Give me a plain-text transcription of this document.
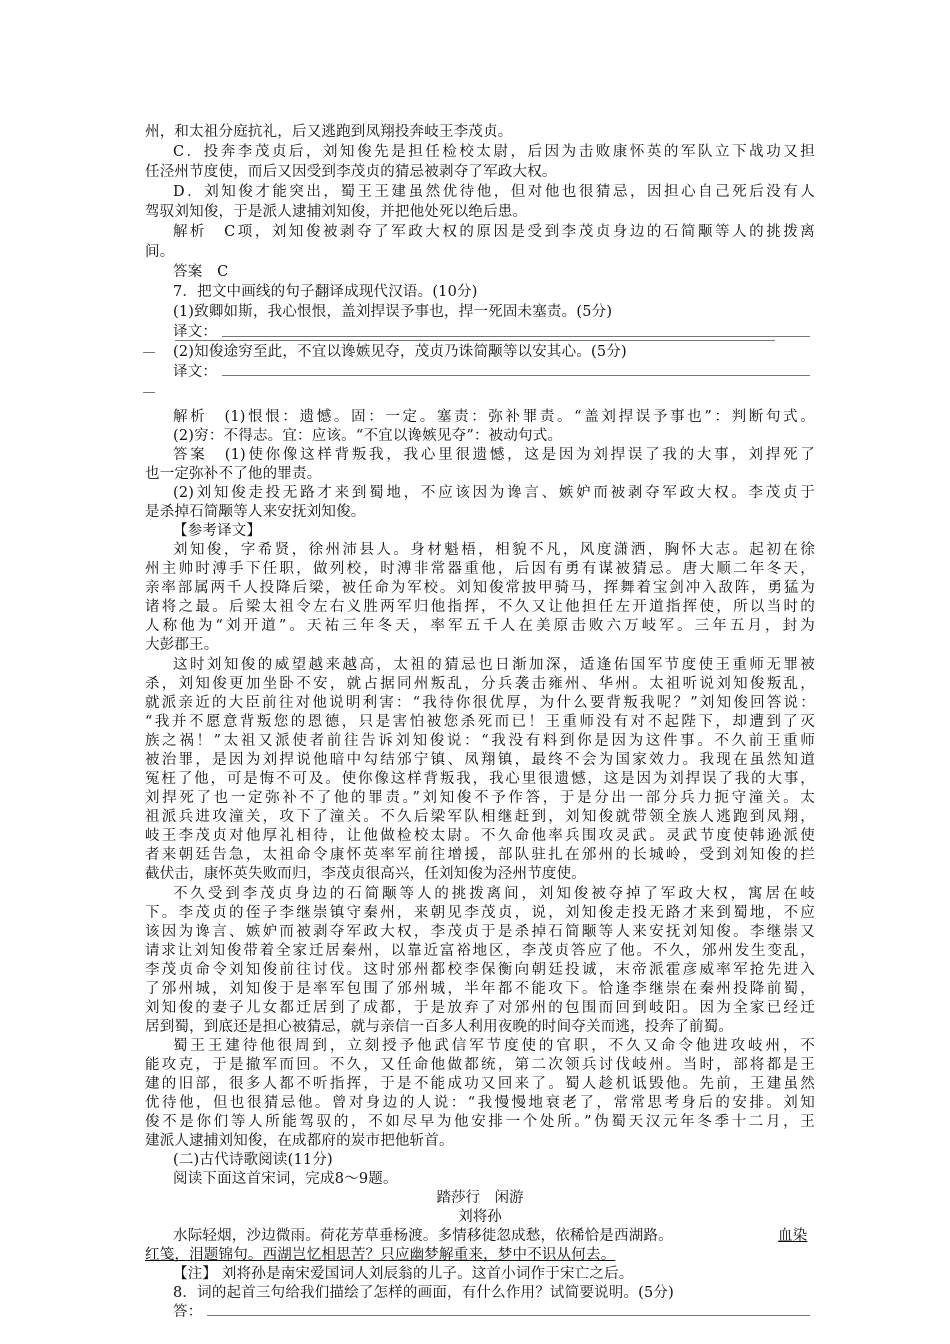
州，和太祖分庭抗礼，后又逃跑到凤翔投奔岐王李茂贞。
C．投奔李茂贞后，刘知俊先是担任检校太尉，后因为击败康怀英的军队立下战功又担
任泾州节度使，而后又因受到李茂贞的猜忌被剥夺了军政大权。
D．刘知俊才能突出，蜀王王建虽然优待他，但对他也很猜忌，因担心自己死后没有人
驾驭刘知俊，于是派人逮捕刘知俊，并把他处死以绝后患。
解析　C项，刘知俊被剥夺了军政大权的原因是受到李茂贞身边的石简颙等人的挑拨离
间。
答案　C
7．把文中画线的句子翻译成现代汉语。(10分)
(1)致卿如斯，我心恨恨，盖刘捍误予事也，捍一死固未塞责。(5分)
译文：
(2)知俊途穷至此，不宜以谗嫉见夺，茂贞乃诛简颙等以安其心。(5分)
译文：
解析　(1)恨恨：遗憾。固：一定。塞责：弥补罪责。“盖刘捍误予事也”：判断句式。
(2)穷：不得志。宜：应该。“不宜以谗嫉见夺”：被动句式。
答案　(1)使你像这样背叛我，我心里很遗憾，这是因为刘捍误了我的大事，刘捍死了
也一定弥补不了他的罪责。
(2)刘知俊走投无路才来到蜀地，不应该因为谗言、嫉妒而被剥夺军政大权。李茂贞于
是杀掉石简颙等人来安抚刘知俊。
【参考译文】
刘知俊，字希贤，徐州沛县人。身材魁梧，相貌不凡，风度潇洒，胸怀大志。起初在徐
州主帅时溥手下任职，做列校，时溥非常器重他，后因有勇有谋被猜忌。唐大顺二年冬天，
亲率部属两千人投降后梁，被任命为军校。刘知俊常披甲骑马，挥舞着宝剑冲入敌阵，勇猛为
诸将之最。后梁太祖令左右义胜两军归他指挥，不久又让他担任左开道指挥使，所以当时的
人称他为“刘开道”。天祐三年冬天，率军五千人在美原击败六万岐军。三年五月，封为
大彭郡王。
这时刘知俊的威望越来越高，太祖的猜忌也日渐加深，适逢佑国军节度使王重师无罪被
杀，刘知俊更加坐卧不安，就占据同州叛乱，分兵袭击雍州、华州。太祖听说刘知俊叛乱，
就派亲近的大臣前往对他说明利害：“我待你很优厚，为什么要背叛我呢？”刘知俊回答说：
“我并不愿意背叛您的恩德，只是害怕被您杀死而已！王重师没有对不起陛下，却遭到了灭
族之祸！”太祖又派使者前往告诉刘知俊说：“我没有料到你是因为这件事。不久前王重师
被治罪，是因为刘捍说他暗中勾结邠宁镇、凤翔镇，最终不会为国家效力。我现在虽然知道
冤枉了他，可是悔不可及。使你像这样背叛我，我心里很遗憾，这是因为刘捍误了我的大事，
刘捍死了也一定弥补不了他的罪责。”刘知俊不予作答，于是分出一部分兵力扼守潼关。太
祖派兵进攻潼关，攻下了潼关。不久后梁军队相继赶到，刘知俊就带领全族人逃跑到凤翔，
岐王李茂贞对他厚礼相待，让他做检校太尉。不久命他率兵围攻灵武。灵武节度使韩逊派使
者来朝廷告急，太祖命令康怀英率军前往增援，部队驻扎在邠州的长城岭，受到刘知俊的拦
截伏击，康怀英失败而归，李茂贞很高兴，任刘知俊为泾州节度使。
不久受到李茂贞身边的石简颙等人的挑拨离间，刘知俊被夺掉了军政大权，寓居在岐
下。李茂贞的侄子李继崇镇守秦州，来朝见李茂贞，说，刘知俊走投无路才来到蜀地，不应
该因为谗言、嫉妒而被剥夺军政大权，李茂贞于是杀掉石简颙等人来安抚刘知俊。李继崇又
请求让刘知俊带着全家迁居秦州，以靠近富裕地区，李茂贞答应了他。不久，邠州发生变乱，
李茂贞命令刘知俊前往讨伐。这时邠州都校李保衡向朝廷投诚，末帝派霍彦威率军抢先进入
了邠州城，刘知俊于是率军包围了邠州城，半年都不能攻下。恰逢李继崇在秦州投降前蜀，
刘知俊的妻子儿女都迁居到了成都，于是放弃了对邠州的包围而回到岐阳。因为全家已经迁
居到蜀，到底还是担心被猜忌，就与亲信一百多人利用夜晚的时间夺关而逃，投奔了前蜀。
蜀王王建待他很周到，立刻授予他武信军节度使的官职，不久又命令他进攻岐州，不
能攻克，于是撤军而回。不久，又任命他做都统，第二次领兵讨伐岐州。当时，部将都是王
建的旧部，很多人都不听指挥，于是不能成功又回来了。蜀人趁机诋毁他。先前，王建虽然
优待他，但也很猜忌他。曾对身边的人说：“我慢慢地衰老了，常常思考身后的安排。刘知
俊不是你们等人所能驾驭的，不如尽早为他安排一个处所。”伪蜀天汉元年冬季十二月，王
建派人逮捕刘知俊，在成都府的炭市把他斩首。
(二)古代诗歌阅读(11分)
阅读下面这首宋词，完成8～9题。
踏莎行　闲游
刘将孙
水际轻烟，沙边微雨。荷花芳草垂杨渡。多情移徙忽成愁，依稀恰是西湖路。	血染
红笺，泪题锦句。西湖岂忆相思苦？只应幽梦解重来，梦中不识从何去。
【注】 刘将孙是南宋爱国词人刘辰翁的儿子。这首小词作于宋亡之后。
8．词的起首三句给我们描绘了怎样的画面，有什么作用？试简要说明。(5分)
答：
